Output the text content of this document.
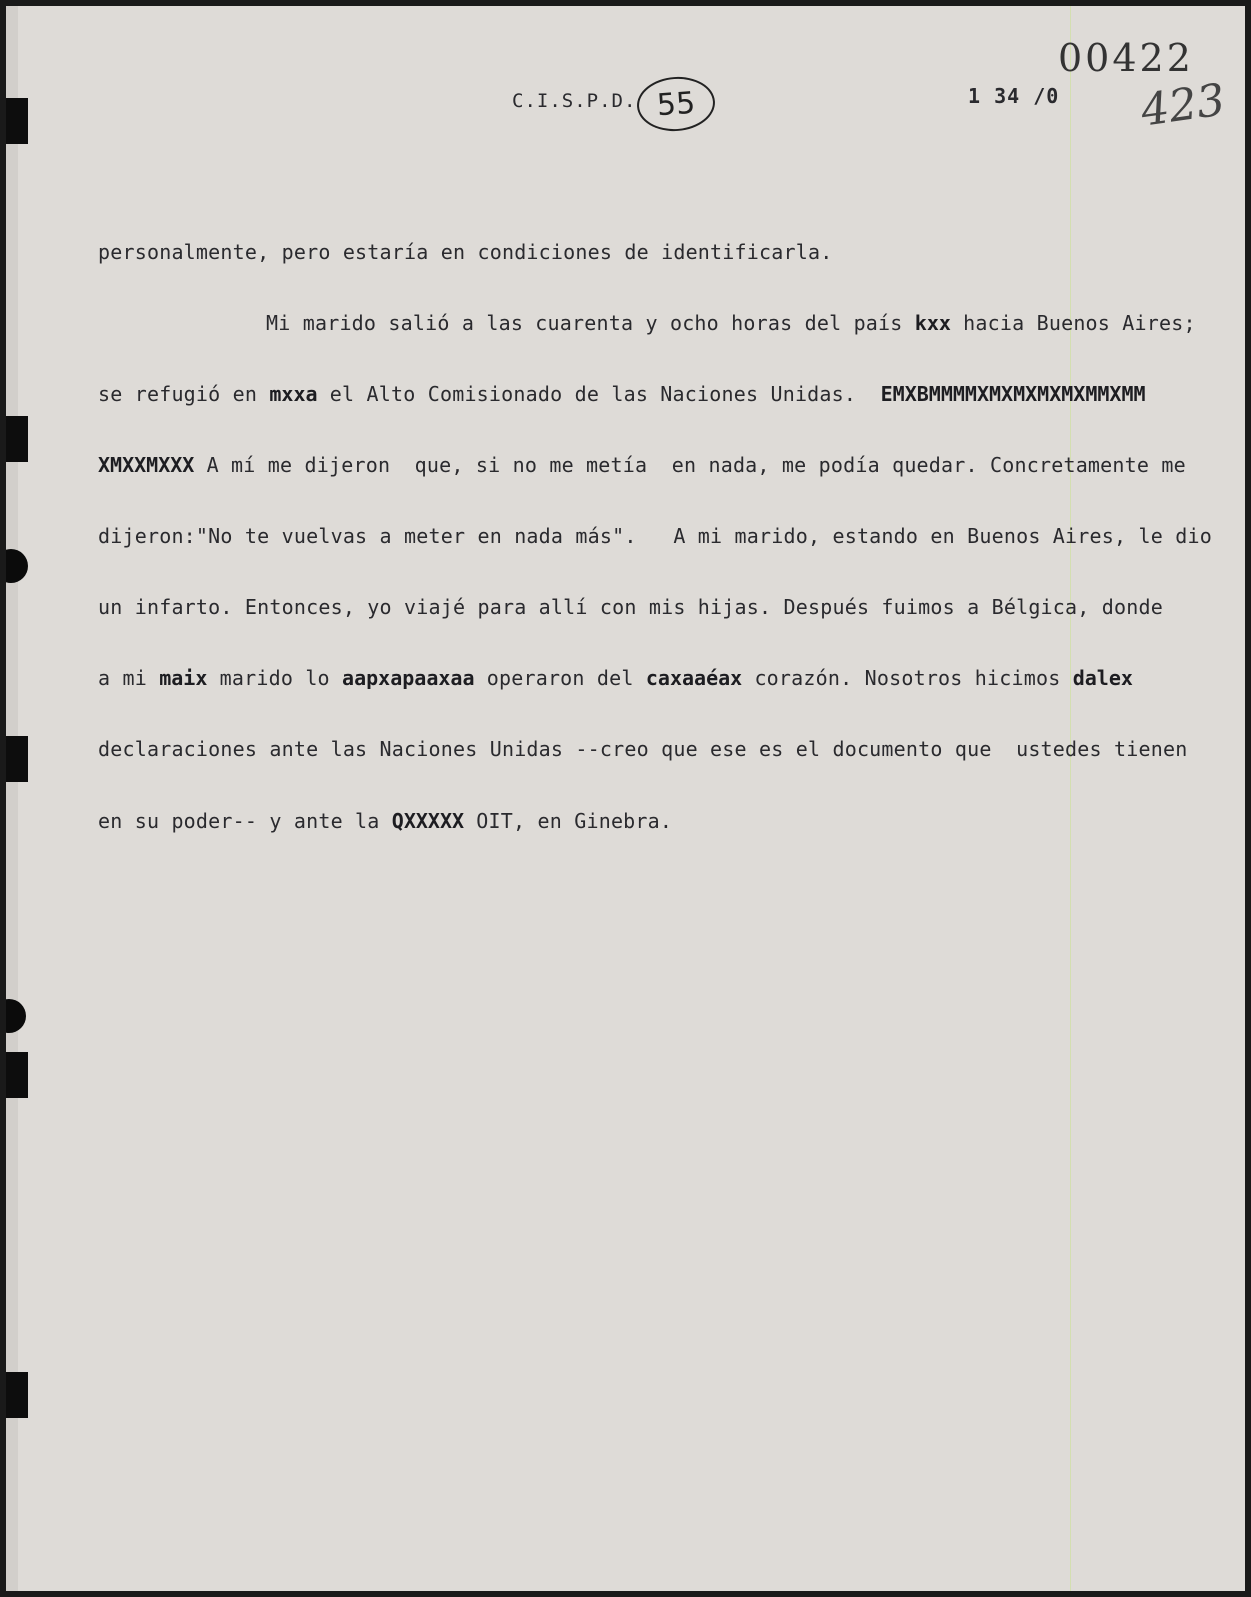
C.I.S.P.D. 55	1 34 /0
00422
423
personalmente, pero estaría en condiciones de identificarla.
Mi marido salió a las cuarenta y ocho horas del país kxx hacia Buenos Aires;
se refugió en mxxa el Alto Comisionado de las Naciones Unidas.  EMXBMMMMXMXMXMXMXMMXMM
XMXXMXXX A mí me dijeron  que, si no me metía  en nada, me podía quedar. Concretamente me
dijeron:"No te vuelvas a meter en nada más".   A mi marido, estando en Buenos Aires, le dio
un infarto. Entonces, yo viajé para allí con mis hijas. Después fuimos a Bélgica, donde
a mi maix marido lo aapxapaaxaa operaron del caxaaéax corazón. Nosotros hicimos dalex
declaraciones ante las Naciones Unidas --creo que ese es el documento que  ustedes tienen
en su poder-- y ante la QXXXXX OIT, en Ginebra.
